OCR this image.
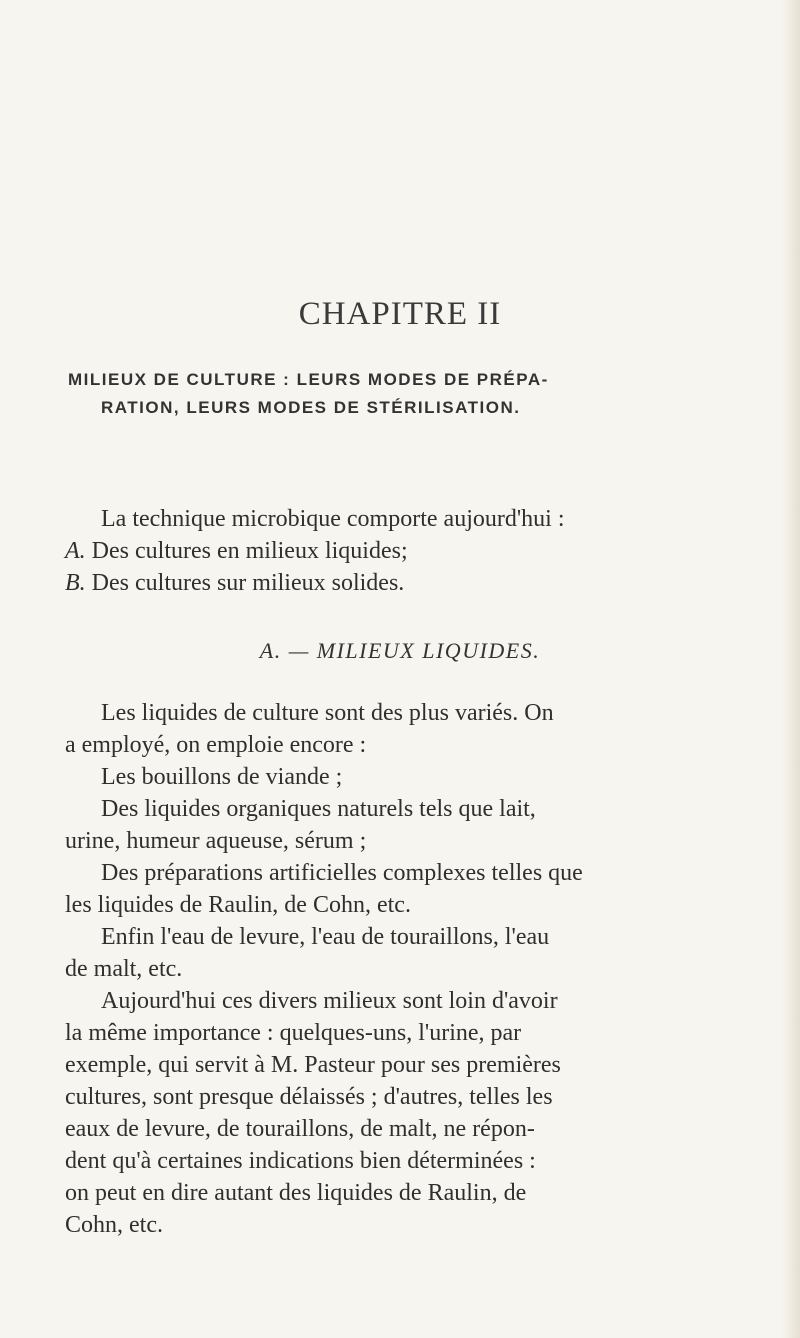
CHAPITRE II
MILIEUX DE CULTURE : LEURS MODES DE PRÉPA-
RATION, LEURS MODES DE STÉRILISATION.
La technique microbique comporte aujourd'hui :
A. Des cultures en milieux liquides;
B. Des cultures sur milieux solides.
A. — MILIEUX LIQUIDES.
Les liquides de culture sont des plus variés. On
a employé, on emploie encore :
Les bouillons de viande ;
Des liquides organiques naturels tels que lait,
urine, humeur aqueuse, sérum ;
Des préparations artificielles complexes telles que
les liquides de Raulin, de Cohn, etc.
Enfin l'eau de levure, l'eau de touraillons, l'eau
de malt, etc.
Aujourd'hui ces divers milieux sont loin d'avoir
la même importance : quelques-uns, l'urine, par
exemple, qui servit à M. Pasteur pour ses premières
cultures, sont presque délaissés ; d'autres, telles les
eaux de levure, de touraillons, de malt, ne répon-
dent qu'à certaines indications bien déterminées :
on peut en dire autant des liquides de Raulin, de
Cohn, etc.
